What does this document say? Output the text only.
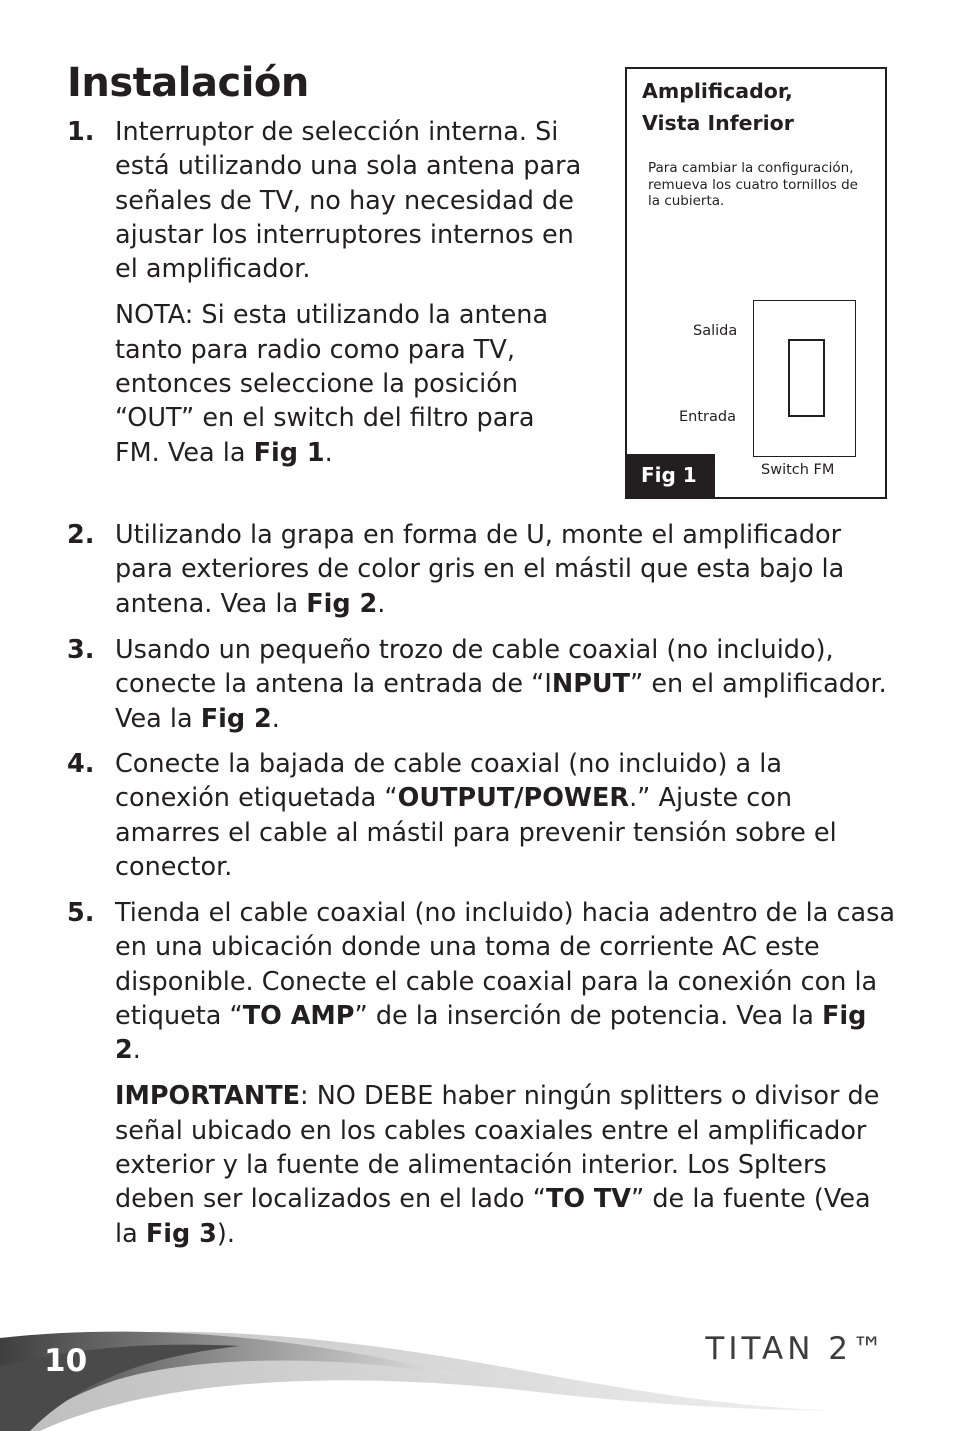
Instalación
1. Interruptor de selección interna. Si está utilizando una sola antena para señales de TV, no hay necesidad de ajustar los interruptores internos en el amplificador.

NOTA: Si esta utilizando la antena tanto para radio como para TV, entonces seleccione la posición “OUT” en el switch del filtro para FM. Vea la Fig 1.

Amplificador,
Vista Inferior
Para cambiar la configuración, remueva los cuatro tornillos de la cubierta.
Salida
Entrada
Switch FM
Fig 1
2. Utilizando la grapa en forma de U, monte el amplificador para exteriores de color gris en el mástil que esta bajo la antena. Vea la Fig 2.

3. Usando un pequeño trozo de cable coaxial (no incluido), conecte la antena la entrada de “INPUT” en el amplificador. Vea la Fig 2.

4. Conecte la bajada de cable coaxial (no incluido) a la conexión etiquetada “OUTPUT/POWER.” Ajuste con amarres el cable al mástil para prevenir tensión sobre el conector.

5. Tienda el cable coaxial (no incluido) hacia adentro de la casa en una ubicación donde una toma de corriente AC este disponible. Conecte el cable coaxial para la conexión con la etiqueta “TO AMP” de la inserción de potencia. Vea la Fig 2.

IMPORTANTE: NO DEBE haber ningún splitters o divisor de señal ubicado en los cables coaxiales entre el amplificador exterior y la fuente de alimentación interior. Los Splters deben ser localizados en el lado “TO TV” de la fuente (Vea la Fig 3).

10	TITAN 2™
